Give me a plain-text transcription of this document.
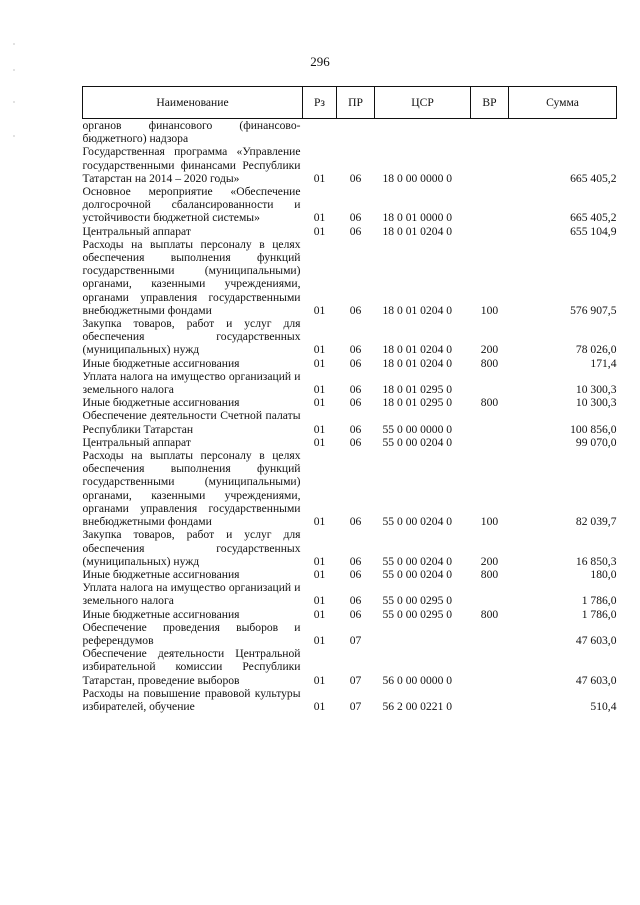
296
Наименование	Рз	ПР	ЦСР	ВР	Сумма
органов финансового (финансово-бюджетного) надзора					
Государственная программа «Управление государственными финансами Республики Татарстан на 2014 – 2020 годы»	01	06	18 0 00 0000 0		665 405,2
Основное мероприятие «Обеспечение долгосрочной сбалансированности и устойчивости бюджетной системы»	01	06	18 0 01 0000 0		665 405,2
Центральный аппарат	01	06	18 0 01 0204 0		655 104,9
Расходы на выплаты персоналу в целях обеспечения выполнения функций государственными (муниципальными) органами, казенными учреждениями, органами управления государственными внебюджетными фондами	01	06	18 0 01 0204 0	100	576 907,5
Закупка товаров, работ и услуг для обеспечения государственных (муниципальных) нужд	01	06	18 0 01 0204 0	200	78 026,0
Иные бюджетные ассигнования	01	06	18 0 01 0204 0	800	171,4
Уплата налога на имущество организаций и земельного налога	01	06	18 0 01 0295 0		10 300,3
Иные бюджетные ассигнования	01	06	18 0 01 0295 0	800	10 300,3
Обеспечение деятельности Счетной палаты Республики Татарстан	01	06	55 0 00 0000 0		100 856,0
Центральный аппарат	01	06	55 0 00 0204 0		99 070,0
Расходы на выплаты персоналу в целях обеспечения выполнения функций государственными (муниципальными) органами, казенными учреждениями, органами управления государственными внебюджетными фондами	01	06	55 0 00 0204 0	100	82 039,7
Закупка товаров, работ и услуг для обеспечения государственных (муниципальных) нужд	01	06	55 0 00 0204 0	200	16 850,3
Иные бюджетные ассигнования	01	06	55 0 00 0204 0	800	180,0
Уплата налога на имущество организаций и земельного налога	01	06	55 0 00 0295 0		1 786,0
Иные бюджетные ассигнования	01	06	55 0 00 0295 0	800	1 786,0
Обеспечение проведения выборов и референдумов	01	07			47 603,0
Обеспечение деятельности Центральной избирательной комиссии Республики Татарстан, проведение выборов	01	07	56 0 00 0000 0		47 603,0
Расходы на повышение правовой культуры избирателей, обучение	01	07	56 2 00 0221 0		510,4
